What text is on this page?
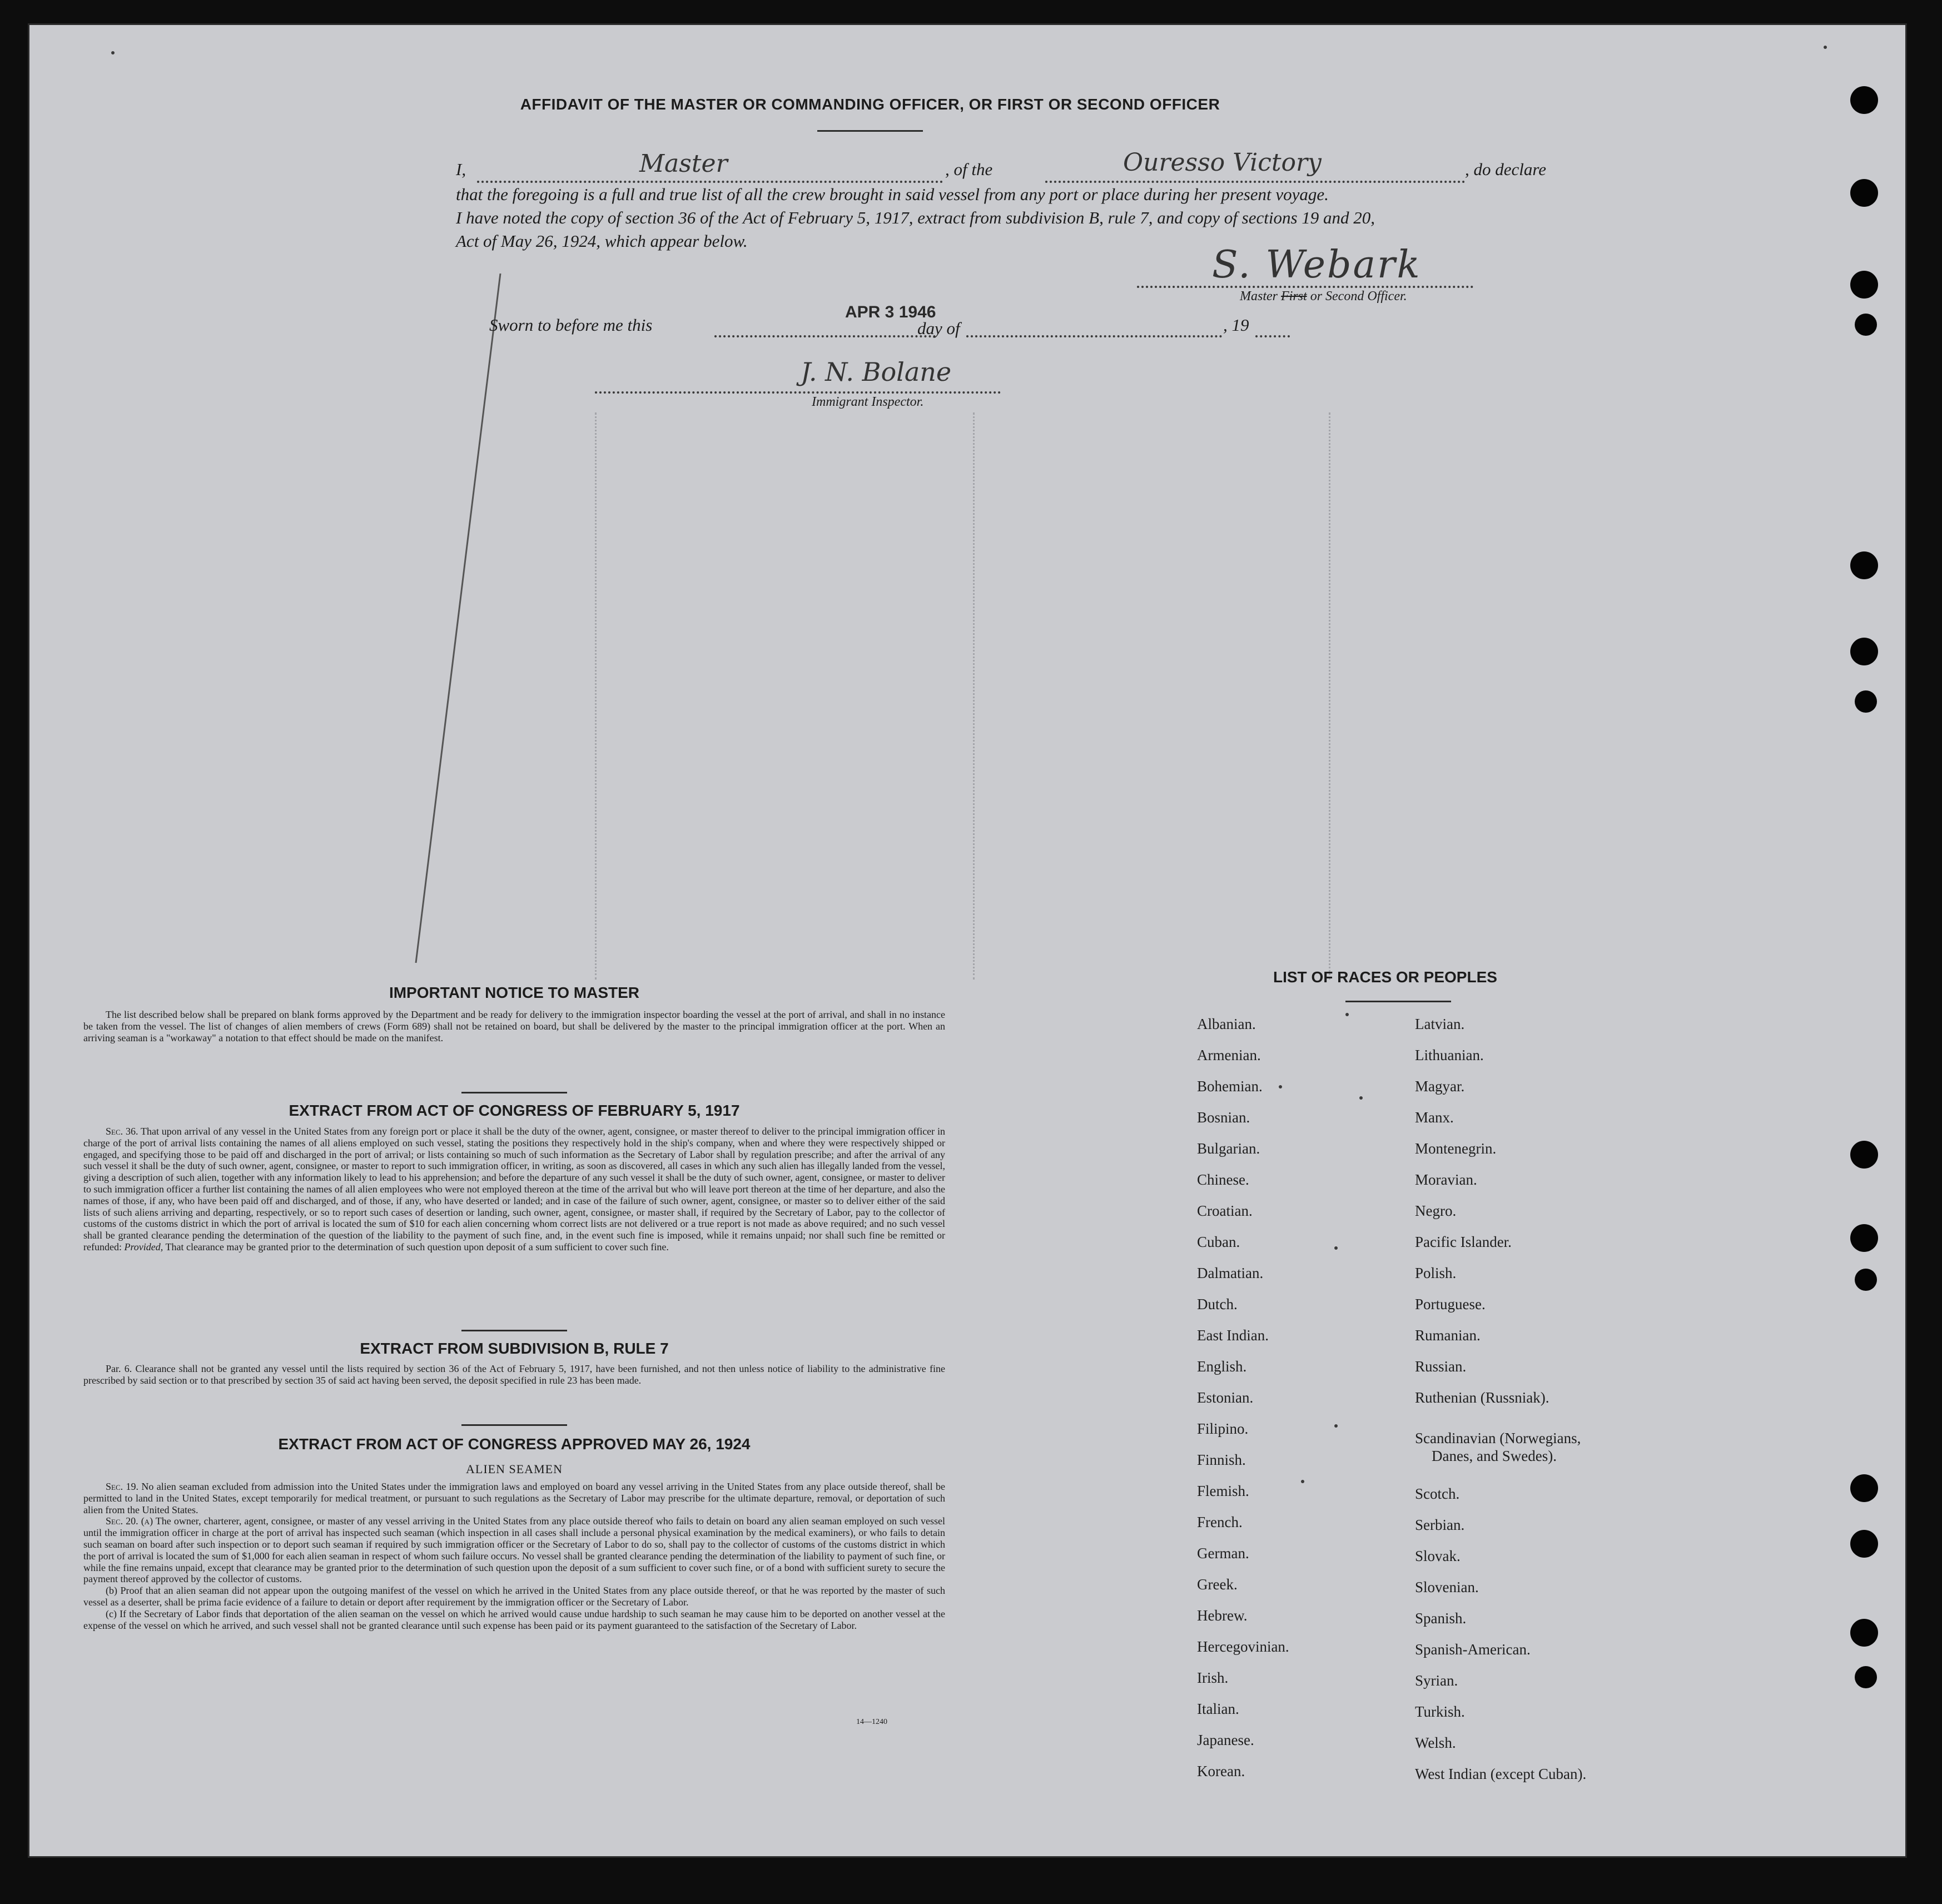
AFFIDAVIT OF THE MASTER OR COMMANDING OFFICER, OR FIRST OR SECOND OFFICER
I,	Master	, of the	Ouresso Victory	, do declare
that the foregoing is a full and true list of all the crew brought in said vessel from any port or place during her present voyage.
I have noted the copy of section 36 of the Act of February 5, 1917, extract from subdivision B, rule 7, and copy of sections 19 and 20,
Act of May 26, 1924, which appear below.
S. Webark
Master First or Second Officer.
Sworn to before me this
APR 3 1946
day of	, 19
J. N. Bolane
Immigrant Inspector.
IMPORTANT NOTICE TO MASTER
The list described below shall be prepared on blank forms approved by the Department and be ready for delivery to the immigration inspector boarding the vessel at the port of arrival, and shall in no instance be taken from the vessel. The list of changes of alien members of crews (Form 689) shall not be retained on board, but shall be delivered by the master to the principal immigration officer at the port. When an arriving seaman is a "workaway" a notation to that effect should be made on the manifest.
EXTRACT FROM ACT OF CONGRESS OF FEBRUARY 5, 1917
Sec. 36. That upon arrival of any vessel in the United States from any foreign port or place it shall be the duty of the owner, agent, consignee, or master thereof to deliver to the principal immigration officer in charge of the port of arrival lists containing the names of all aliens employed on such vessel, stating the positions they respectively hold in the ship's company, when and where they were respectively shipped or engaged, and specifying those to be paid off and discharged in the port of arrival; or lists containing so much of such information as the Secretary of Labor shall by regulation prescribe; and after the arrival of any such vessel it shall be the duty of such owner, agent, consignee, or master to report to such immigration officer, in writing, as soon as discovered, all cases in which any such alien has illegally landed from the vessel, giving a description of such alien, together with any information likely to lead to his apprehension; and before the departure of any such vessel it shall be the duty of such owner, agent, consignee, or master to deliver to such immigration officer a further list containing the names of all alien employees who were not employed thereon at the time of the arrival but who will leave port thereon at the time of her departure, and also the names of those, if any, who have been paid off and discharged, and of those, if any, who have deserted or landed; and in case of the failure of such owner, agent, consignee, or master so to deliver either of the said lists of such aliens arriving and departing, respectively, or so to report such cases of desertion or landing, such owner, agent, consignee, or master shall, if required by the Secretary of Labor, pay to the collector of customs of the customs district in which the port of arrival is located the sum of $10 for each alien concerning whom correct lists are not delivered or a true report is not made as above required; and no such vessel shall be granted clearance pending the determination of the question of the liability to the payment of such fine, and, in the event such fine is imposed, while it remains unpaid; nor shall such fine be remitted or refunded: Provided, That clearance may be granted prior to the determination of such question upon deposit of a sum sufficient to cover such fine.
EXTRACT FROM SUBDIVISION B, RULE 7
Par. 6. Clearance shall not be granted any vessel until the lists required by section 36 of the Act of February 5, 1917, have been furnished, and not then unless notice of liability to the administrative fine prescribed by said section or to that prescribed by section 35 of said act having been served, the deposit specified in rule 23 has been made.
EXTRACT FROM ACT OF CONGRESS APPROVED MAY 26, 1924
ALIEN SEAMEN
Sec. 19. No alien seaman excluded from admission into the United States under the immigration laws and employed on board any vessel arriving in the United States from any place outside thereof, shall be permitted to land in the United States, except temporarily for medical treatment, or pursuant to such regulations as the Secretary of Labor may prescribe for the ultimate departure, removal, or deportation of such alien from the United States.
Sec. 20. (a) The owner, charterer, agent, consignee, or master of any vessel arriving in the United States from any place outside thereof who fails to detain on board any alien seaman employed on such vessel until the immigration officer in charge at the port of arrival has inspected such seaman (which inspection in all cases shall include a personal physical examination by the medical examiners), or who fails to detain such seaman on board after such inspection or to deport such seaman if required by such immigration officer or the Secretary of Labor to do so, shall pay to the collector of customs of the customs district in which the port of arrival is located the sum of $1,000 for each alien seaman in respect of whom such failure occurs. No vessel shall be granted clearance pending the determination of the liability to payment of such fine, or while the fine remains unpaid, except that clearance may be granted prior to the determination of such question upon the deposit of a sum sufficient to cover such fine, or of a bond with sufficient surety to secure the payment thereof approved by the collector of customs.
(b) Proof that an alien seaman did not appear upon the outgoing manifest of the vessel on which he arrived in the United States from any place outside thereof, or that he was reported by the master of such vessel as a deserter, shall be prima facie evidence of a failure to detain or deport after requirement by the immigration officer or the Secretary of Labor.
(c) If the Secretary of Labor finds that deportation of the alien seaman on the vessel on which he arrived would cause undue hardship to such seaman he may cause him to be deported on another vessel at the expense of the vessel on which he arrived, and such vessel shall not be granted clearance until such expense has been paid or its payment guaranteed to the satisfaction of the Secretary of Labor.
14—1240
LIST OF RACES OR PEOPLES
Albanian.
Armenian.
Bohemian.
Bosnian.
Bulgarian.
Chinese.
Croatian.
Cuban.
Dalmatian.
Dutch.
East Indian.
English.
Estonian.
Filipino.
Finnish.
Flemish.
French.
German.
Greek.
Hebrew.
Hercegovinian.
Irish.
Italian.
Japanese.
Korean.
Latvian.
Lithuanian.
Magyar.
Manx.
Montenegrin.
Moravian.
Negro.
Pacific Islander.
Polish.
Portuguese.
Rumanian.
Russian.
Ruthenian (Russniak).
Scandinavian (Norwegians,
Danes, and Swedes).
Scotch.
Serbian.
Slovak.
Slovenian.
Spanish.
Spanish-American.
Syrian.
Turkish.
Welsh.
West Indian (except Cuban).
